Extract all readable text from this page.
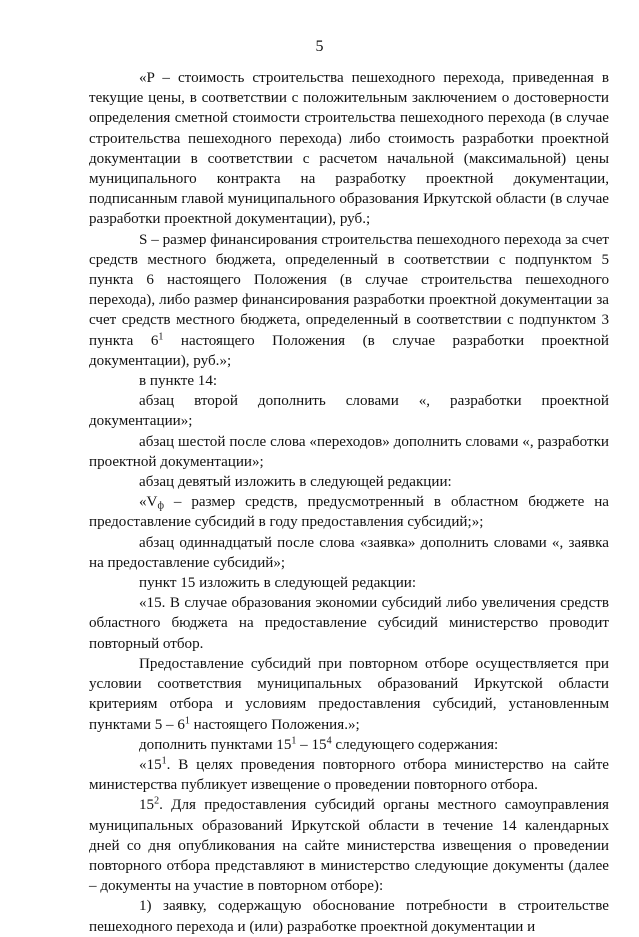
5

«P – стоимость строительства пешеходного перехода, приведенная в текущие цены, в соответствии с положительным заключением о достоверности определения сметной стоимости строительства пешеходного перехода (в случае строительства пешеходного перехода) либо стоимость разработки проектной документации в соответствии с расчетом начальной (максимальной) цены муниципального контракта на разработку проектной документации, подписанным главой муниципального образования Иркутской области (в случае разработки проектной документации), руб.;

S – размер финансирования строительства пешеходного перехода за счет средств местного бюджета, определенный в соответствии с подпунктом 5 пункта 6 настоящего Положения (в случае строительства пешеходного перехода), либо размер финансирования разработки проектной документации за счет средств местного бюджета, определенный в соответствии с подпунктом 3 пункта $6^1$ настоящего Положения (в случае разработки проектной документации), руб.»;

в пункте 14:

абзац второй дополнить словами «, разработки проектной документации»;

абзац шестой после слова «переходов» дополнить словами «, разработки проектной документации»;

абзац девятый изложить в следующей редакции:

«$V_ф$ – размер средств, предусмотренный в областном бюджете на предоставление субсидий в году предоставления субсидий;»;

абзац одиннадцатый после слова «заявка» дополнить словами «, заявка на предоставление субсидий»;

пункт 15 изложить в следующей редакции:

«15. В случае образования экономии субсидий либо увеличения средств областного бюджета на предоставление субсидий министерство проводит повторный отбор.

Предоставление субсидий при повторном отборе осуществляется при условии соответствия муниципальных образований Иркутской области критериям отбора и условиям предоставления субсидий, установленным пунктами $5 - 6^1$ настоящего Положения.»;

дополнить пунктами $15^1 - 15^4$ следующего содержания:

«$15^1$. В целях проведения повторного отбора министерство на сайте министерства публикует извещение о проведении повторного отбора.

$15^2$. Для предоставления субсидий органы местного самоуправления муниципальных образований Иркутской области в течение 14 календарных дней со дня опубликования на сайте министерства извещения о проведении повторного отбора представляют в министерство следующие документы (далее – документы на участие в повторном отборе):

1) заявку, содержащую обоснование потребности в строительстве пешеходного перехода и (или) разработке проектной документации и
